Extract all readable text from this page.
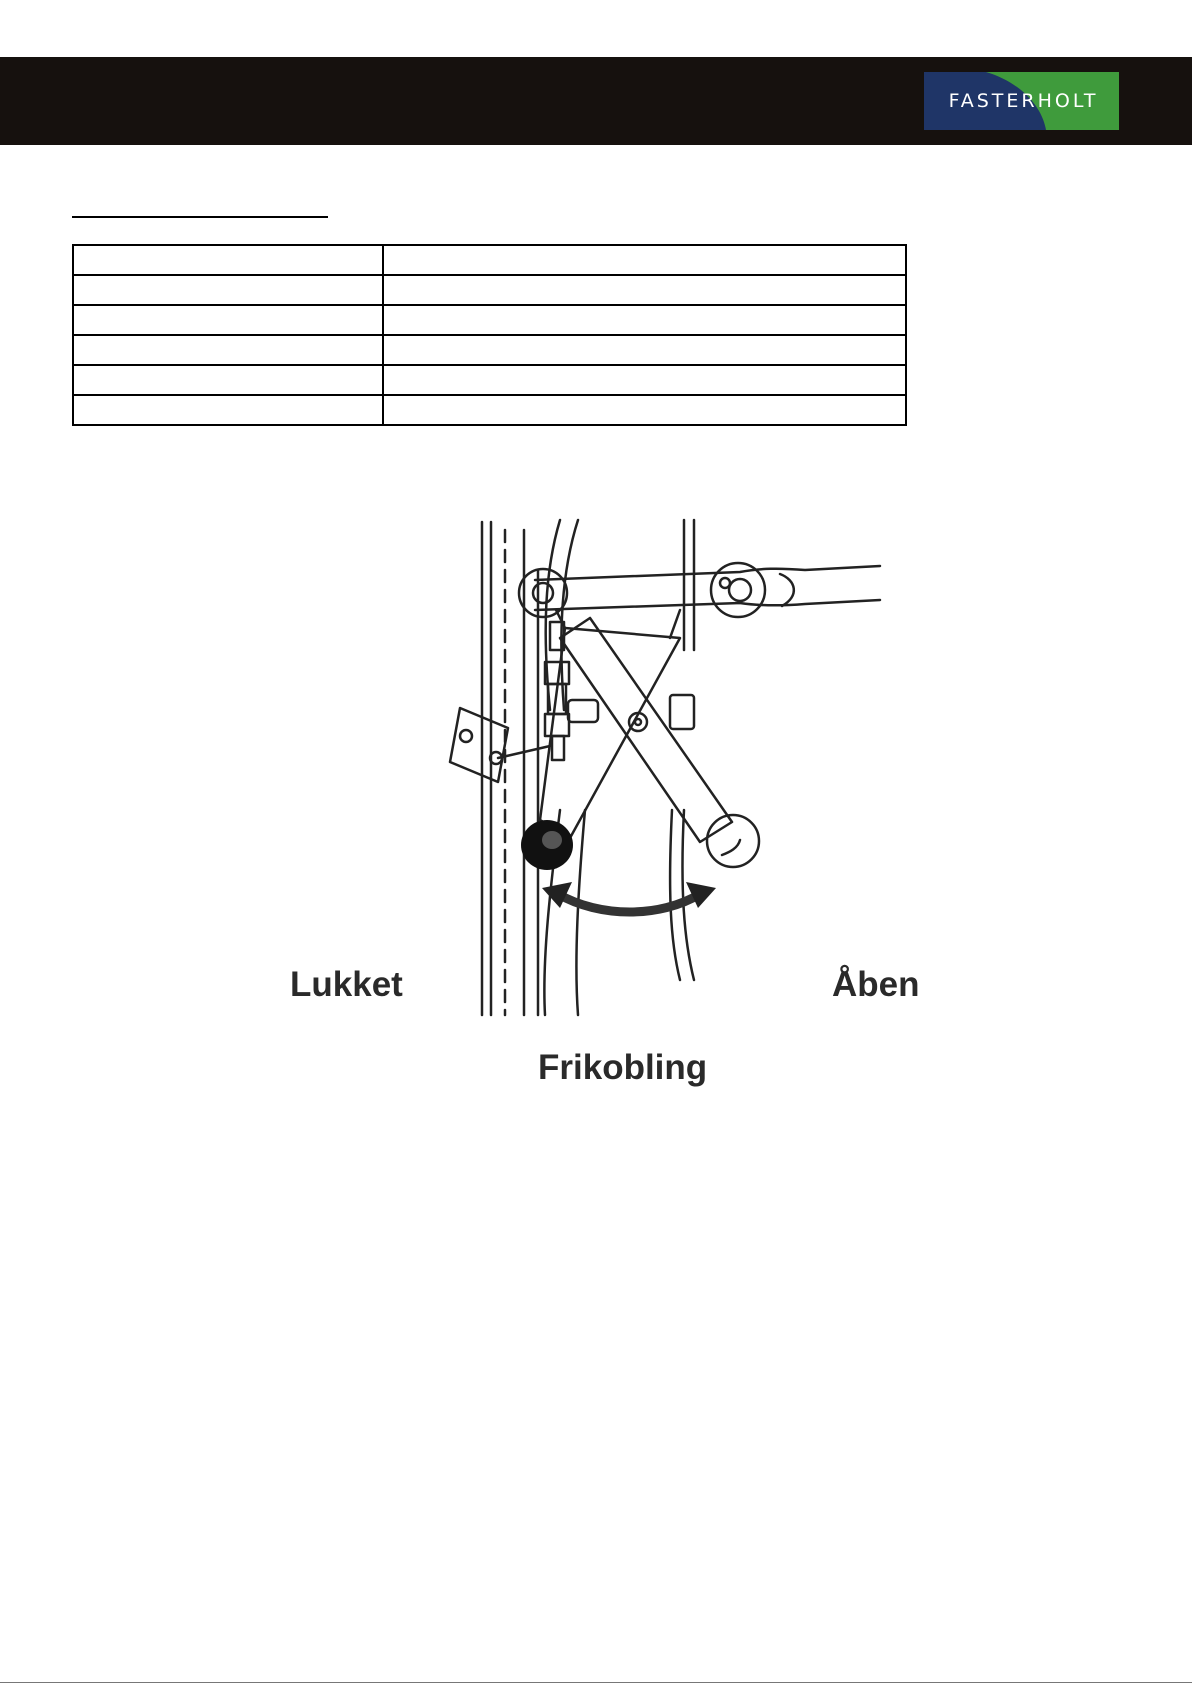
FASTERHOLT

Lukket	Åben
Frikobling
